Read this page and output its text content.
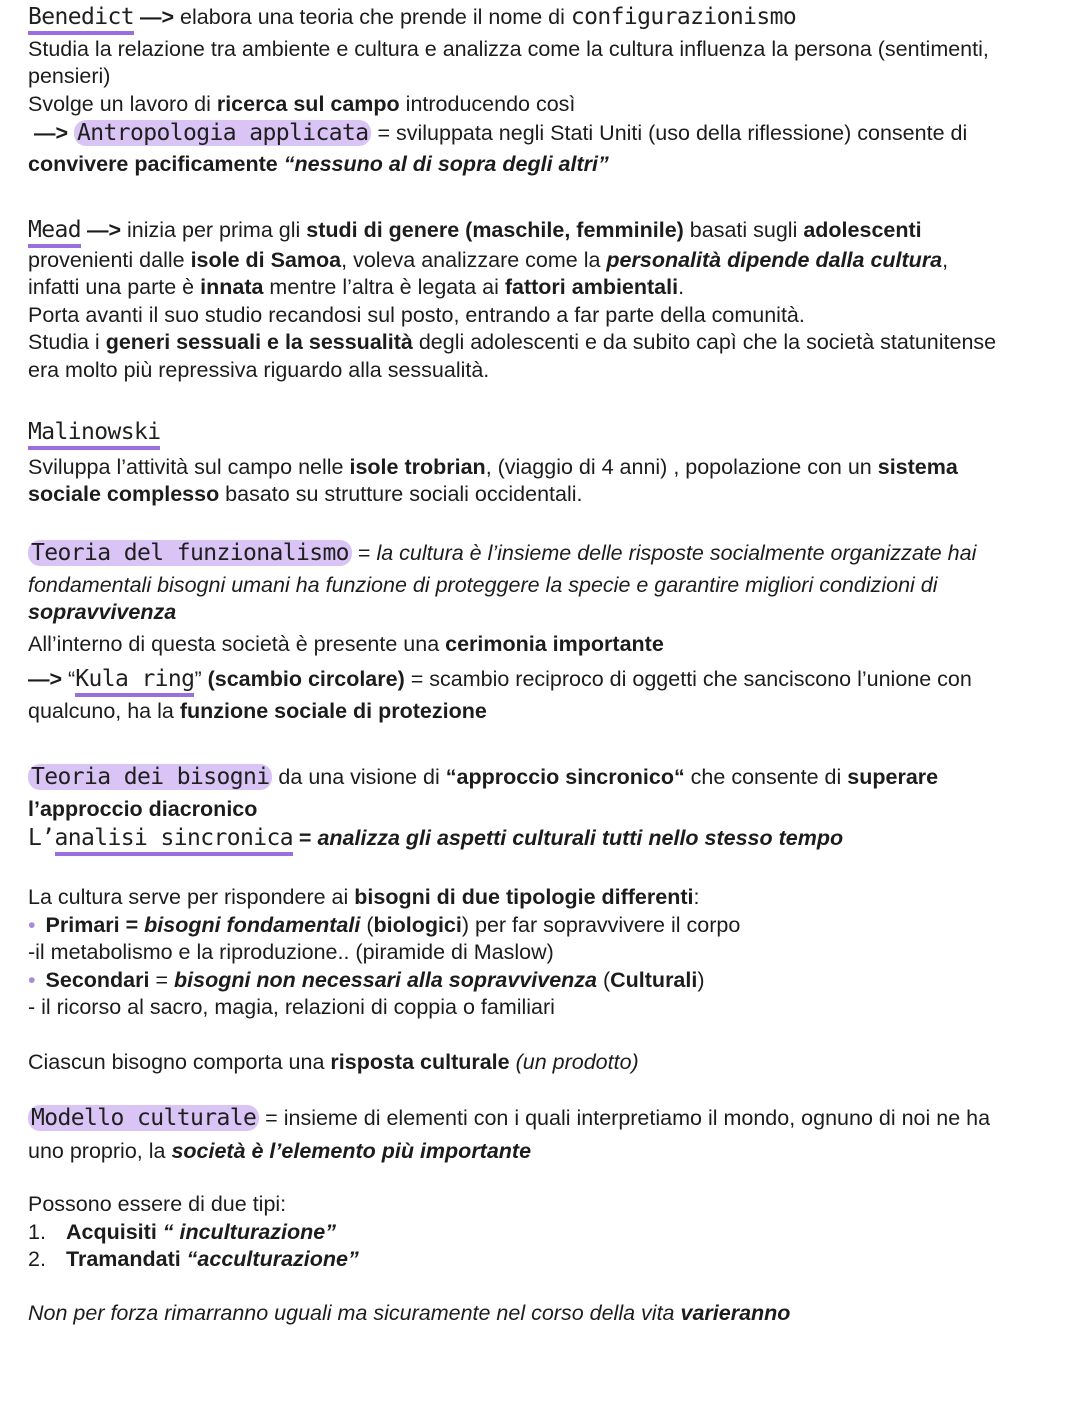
Benedict —> elabora una teoria che prende il nome di configurazionismo
Studia la relazione tra ambiente e cultura e analizza come la cultura influenza la persona (sentimenti, pensieri)
Svolge un lavoro di ricerca sul campo introducendo così
—> Antropologia applicata = sviluppata negli Stati Uniti (uso della riflessione) consente di
convivere pacificamente “nessuno al di sopra degli altri”
Mead —> inizia per prima gli studi di genere (maschile, femminile) basati sugli adolescenti
provenienti dalle isole di Samoa, voleva analizzare come la personalità dipende dalla cultura,
infatti una parte è innata mentre l’altra è legata ai fattori ambientali.
Porta avanti il suo studio recandosi sul posto, entrando a far parte della comunità.
Studia i generi sessuali e la sessualità degli adolescenti e da subito capì che la società statunitense
era molto più repressiva riguardo alla sessualità.
Malinowski
Sviluppa l’attività sul campo nelle isole trobrian, (viaggio di 4 anni) , popolazione con un sistema
sociale complesso basato su strutture sociali occidentali.
Teoria del funzionalismo = la cultura è l’insieme delle risposte socialmente organizzate hai
fondamentali bisogni umani ha funzione di proteggere la specie e garantire migliori condizioni di
sopravvivenza
All’interno di questa società è presente una cerimonia importante
—> “Kula ring” (scambio circolare) = scambio reciproco di oggetti che sanciscono l’unione con
qualcuno, ha la funzione sociale di protezione
Teoria dei bisogni da una visione di “approccio sincronico“ che consente di superare
l’approccio diacronico
L’analisi sincronica = analizza gli aspetti culturali tutti nello stesso tempo
La cultura serve per rispondere ai bisogni di due tipologie differenti:
• Primari = bisogni fondamentali (biologici) per far sopravvivere il corpo
-il metabolismo e la riproduzione.. (piramide di Maslow)
• Secondari = bisogni non necessari alla sopravvivenza (Culturali)
- il ricorso al sacro, magia, relazioni di coppia o familiari
Ciascun bisogno comporta una risposta culturale (un prodotto)
Modello culturale = insieme di elementi con i quali interpretiamo il mondo, ognuno di noi ne ha
uno proprio, la società è l’elemento più importante
Possono essere di due tipi:
1. Acquisiti “ inculturazione”
2. Tramandati “acculturazione”
Non per forza rimarranno uguali ma sicuramente nel corso della vita varieranno
